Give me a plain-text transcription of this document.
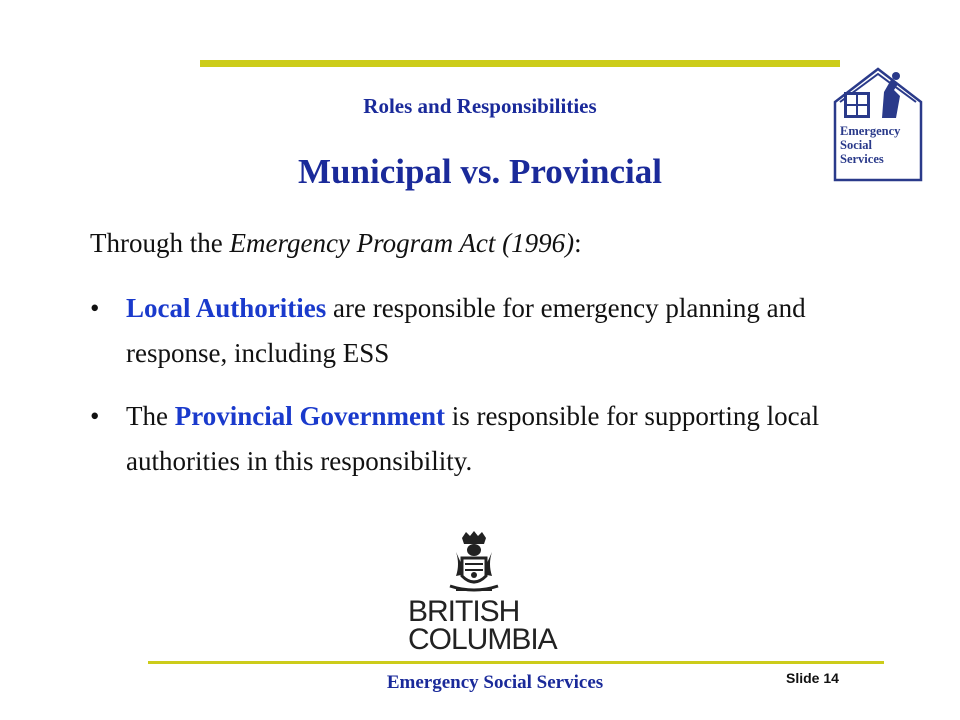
Roles and Responsibilities
Municipal vs. Provincial
Emergency
Social
Services
Through the Emergency Program Act (1996):
• Local Authorities are responsible for emergency planning and response, including ESS
• The Provincial Government is responsible for supporting local authorities in this responsibility.
BRITISH
COLUMBIA
Emergency Social Services	Slide 14
